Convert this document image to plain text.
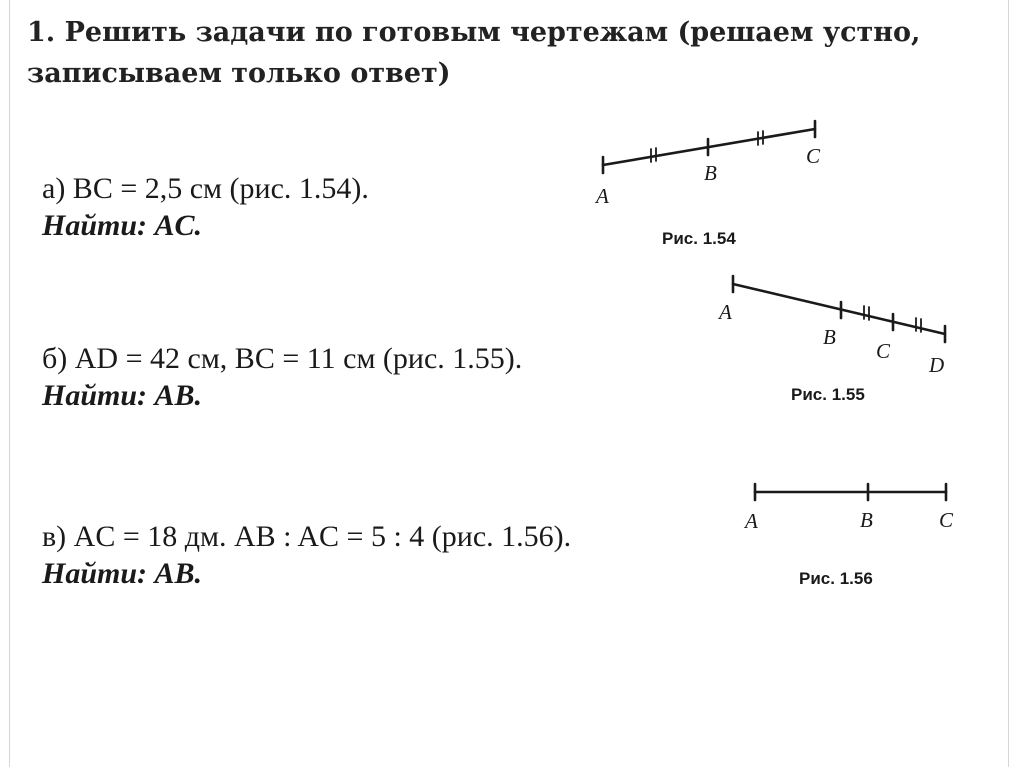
1. Решить задачи по готовым чертежам (решаем устно, записываем только ответ)
а) BC = 2,5 см (рис. 1.54).
Найти: AC.
б) AD = 42 см, BC = 11 см (рис. 1.55).
Найти: AB.
в) AC = 18 дм. AB : AC = 5 : 4 (рис. 1.56).
Найти: AB.
A
B
C
Рис. 1.54
A
B
C
D
Рис. 1.55
A	B	C
Рис. 1.56
